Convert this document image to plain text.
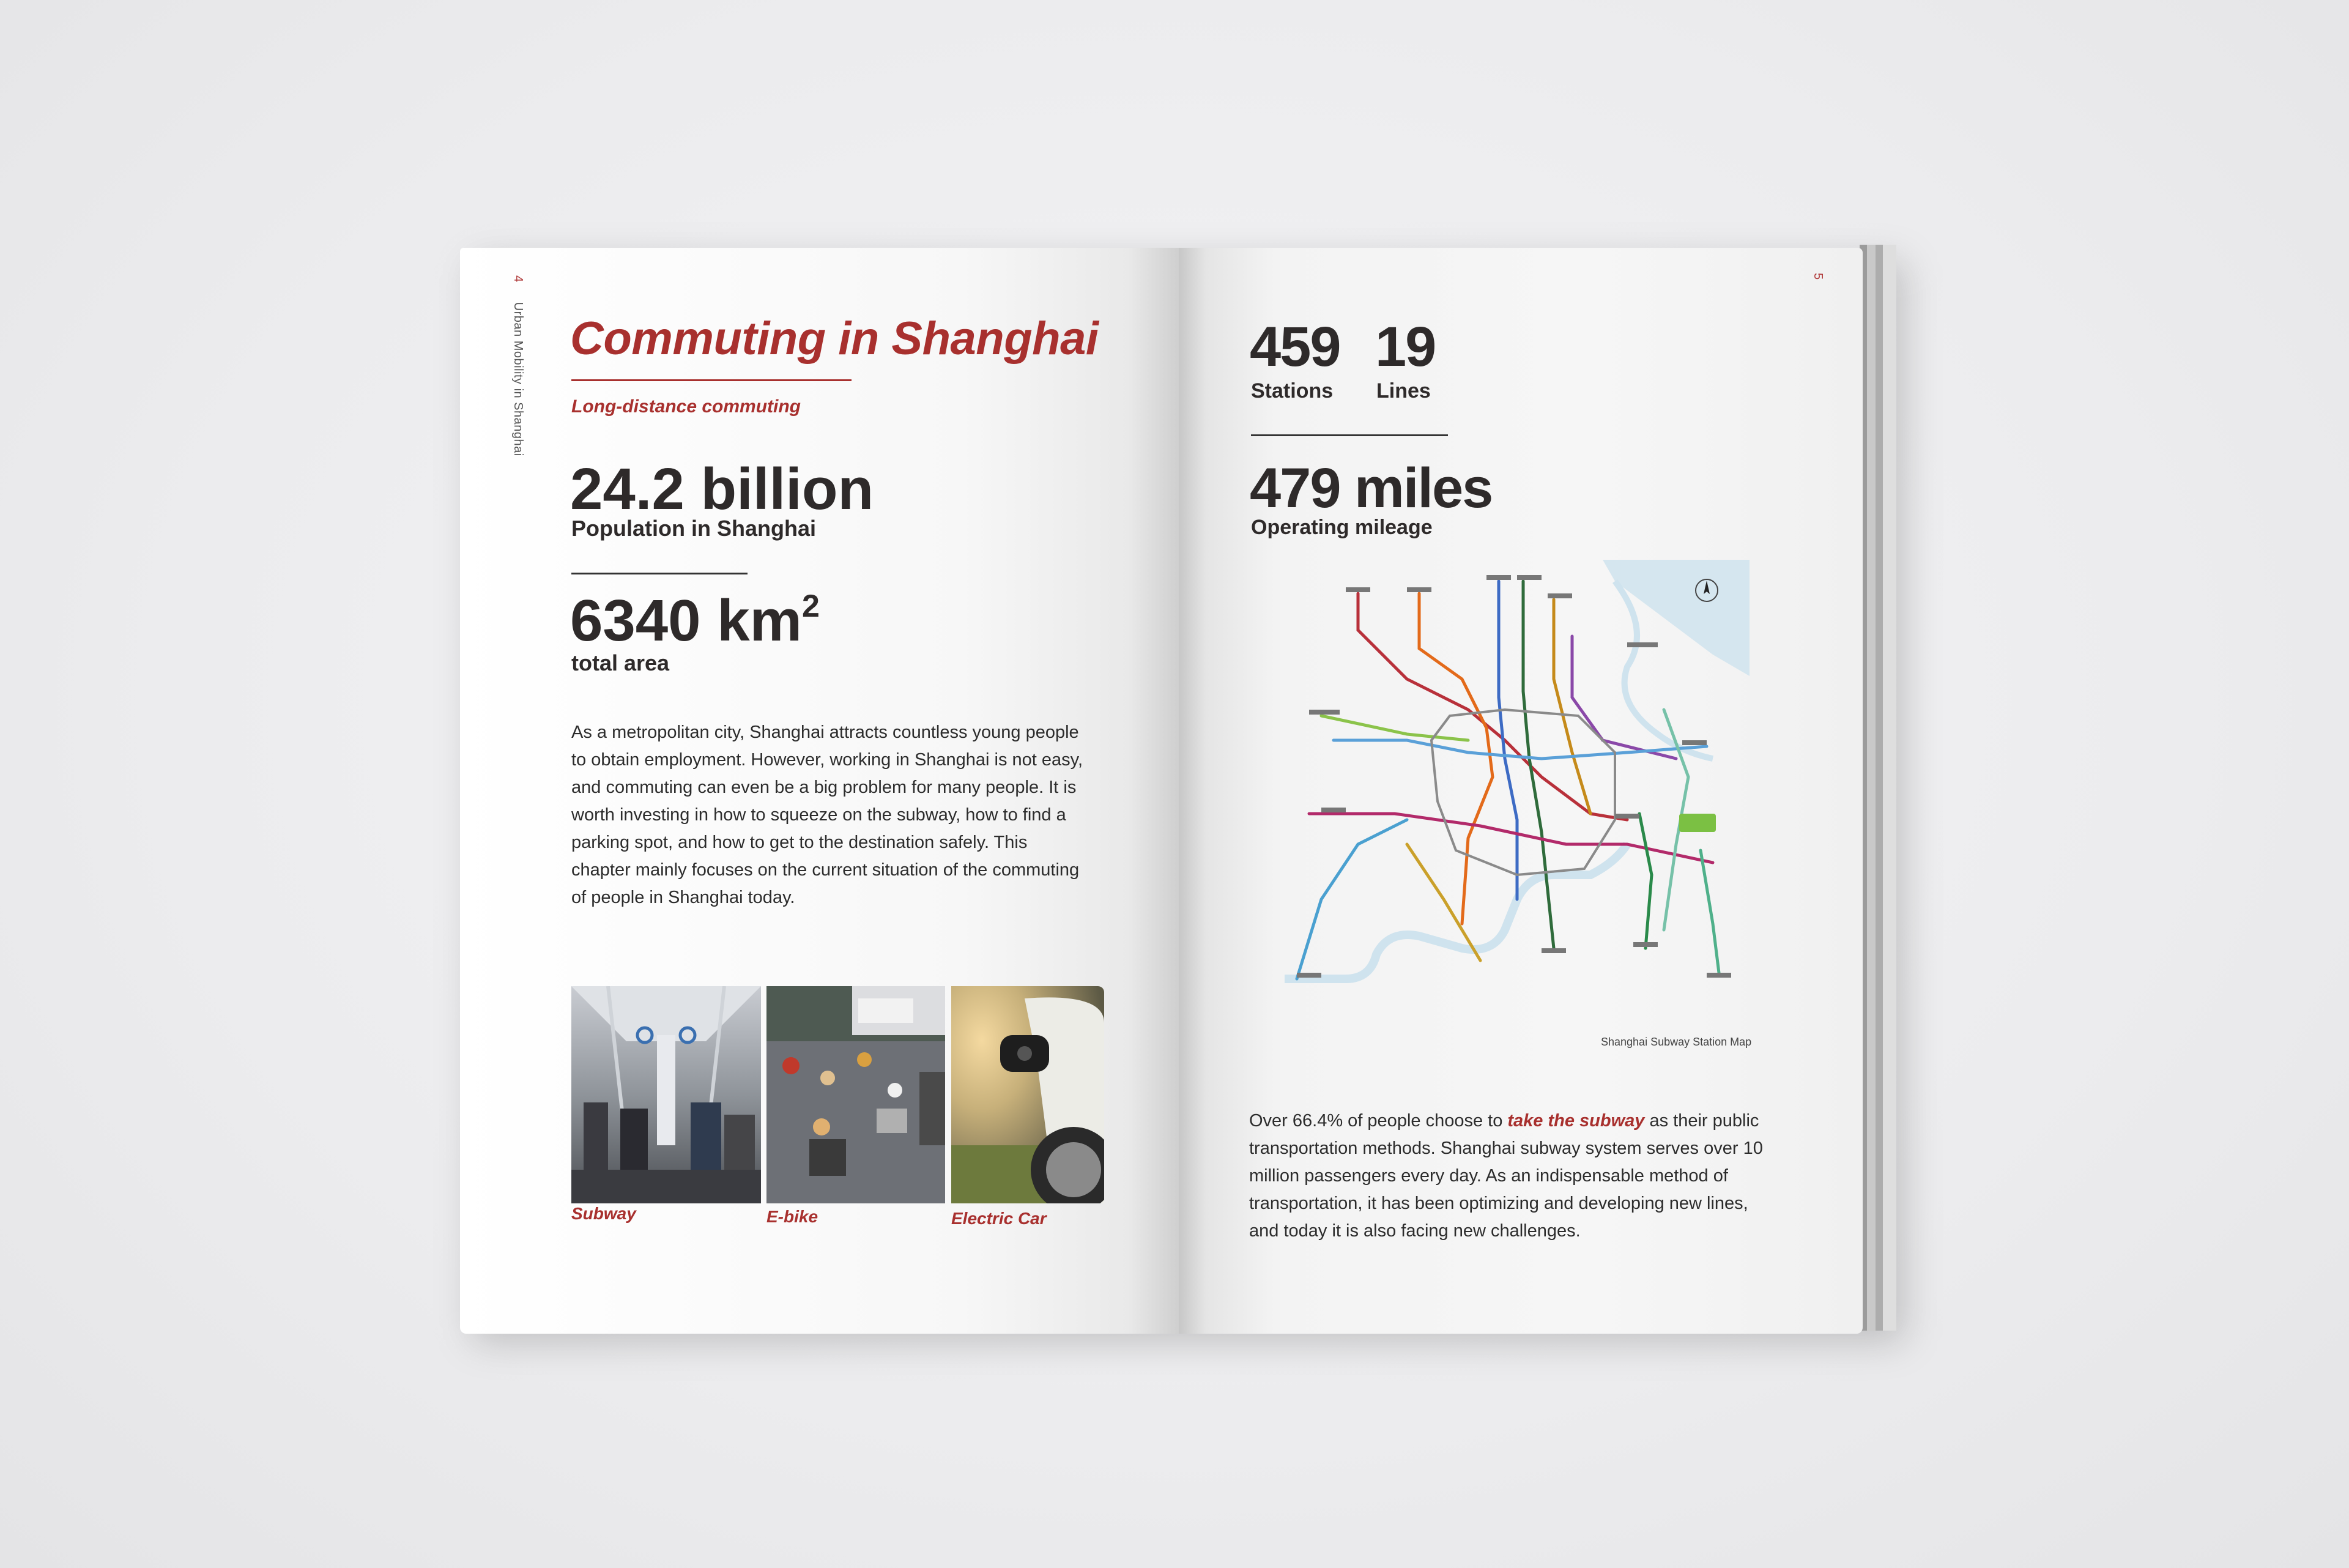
4 Urban Mobility in Shanghai Commuting in Shanghai
Long-distance commuting
24.2 billion
Population in Shanghai
6340 $km^2$
total area
As a metropolitan city, Shanghai attracts countless young people to obtain employment. However, working in Shanghai is not easy, and commuting can even be a big problem for many people. It is worth investing in how to squeeze on the subway, how to find a parking spot, and how to get to the destination safely. This chapter mainly focuses on the current situation of the commuting of people in Shanghai today.
Subway	E-bike	Electric Car
5
459
Stations
19
Lines
479 miles
Operating mileage
Shanghai Subway Station Map
Over 66.4% of people choose to take the subway as their public transportation methods. Shanghai subway system serves over 10 million passengers every day. As an indispensable method of transportation, it has been optimizing and developing new lines, and today it is also facing new challenges.
